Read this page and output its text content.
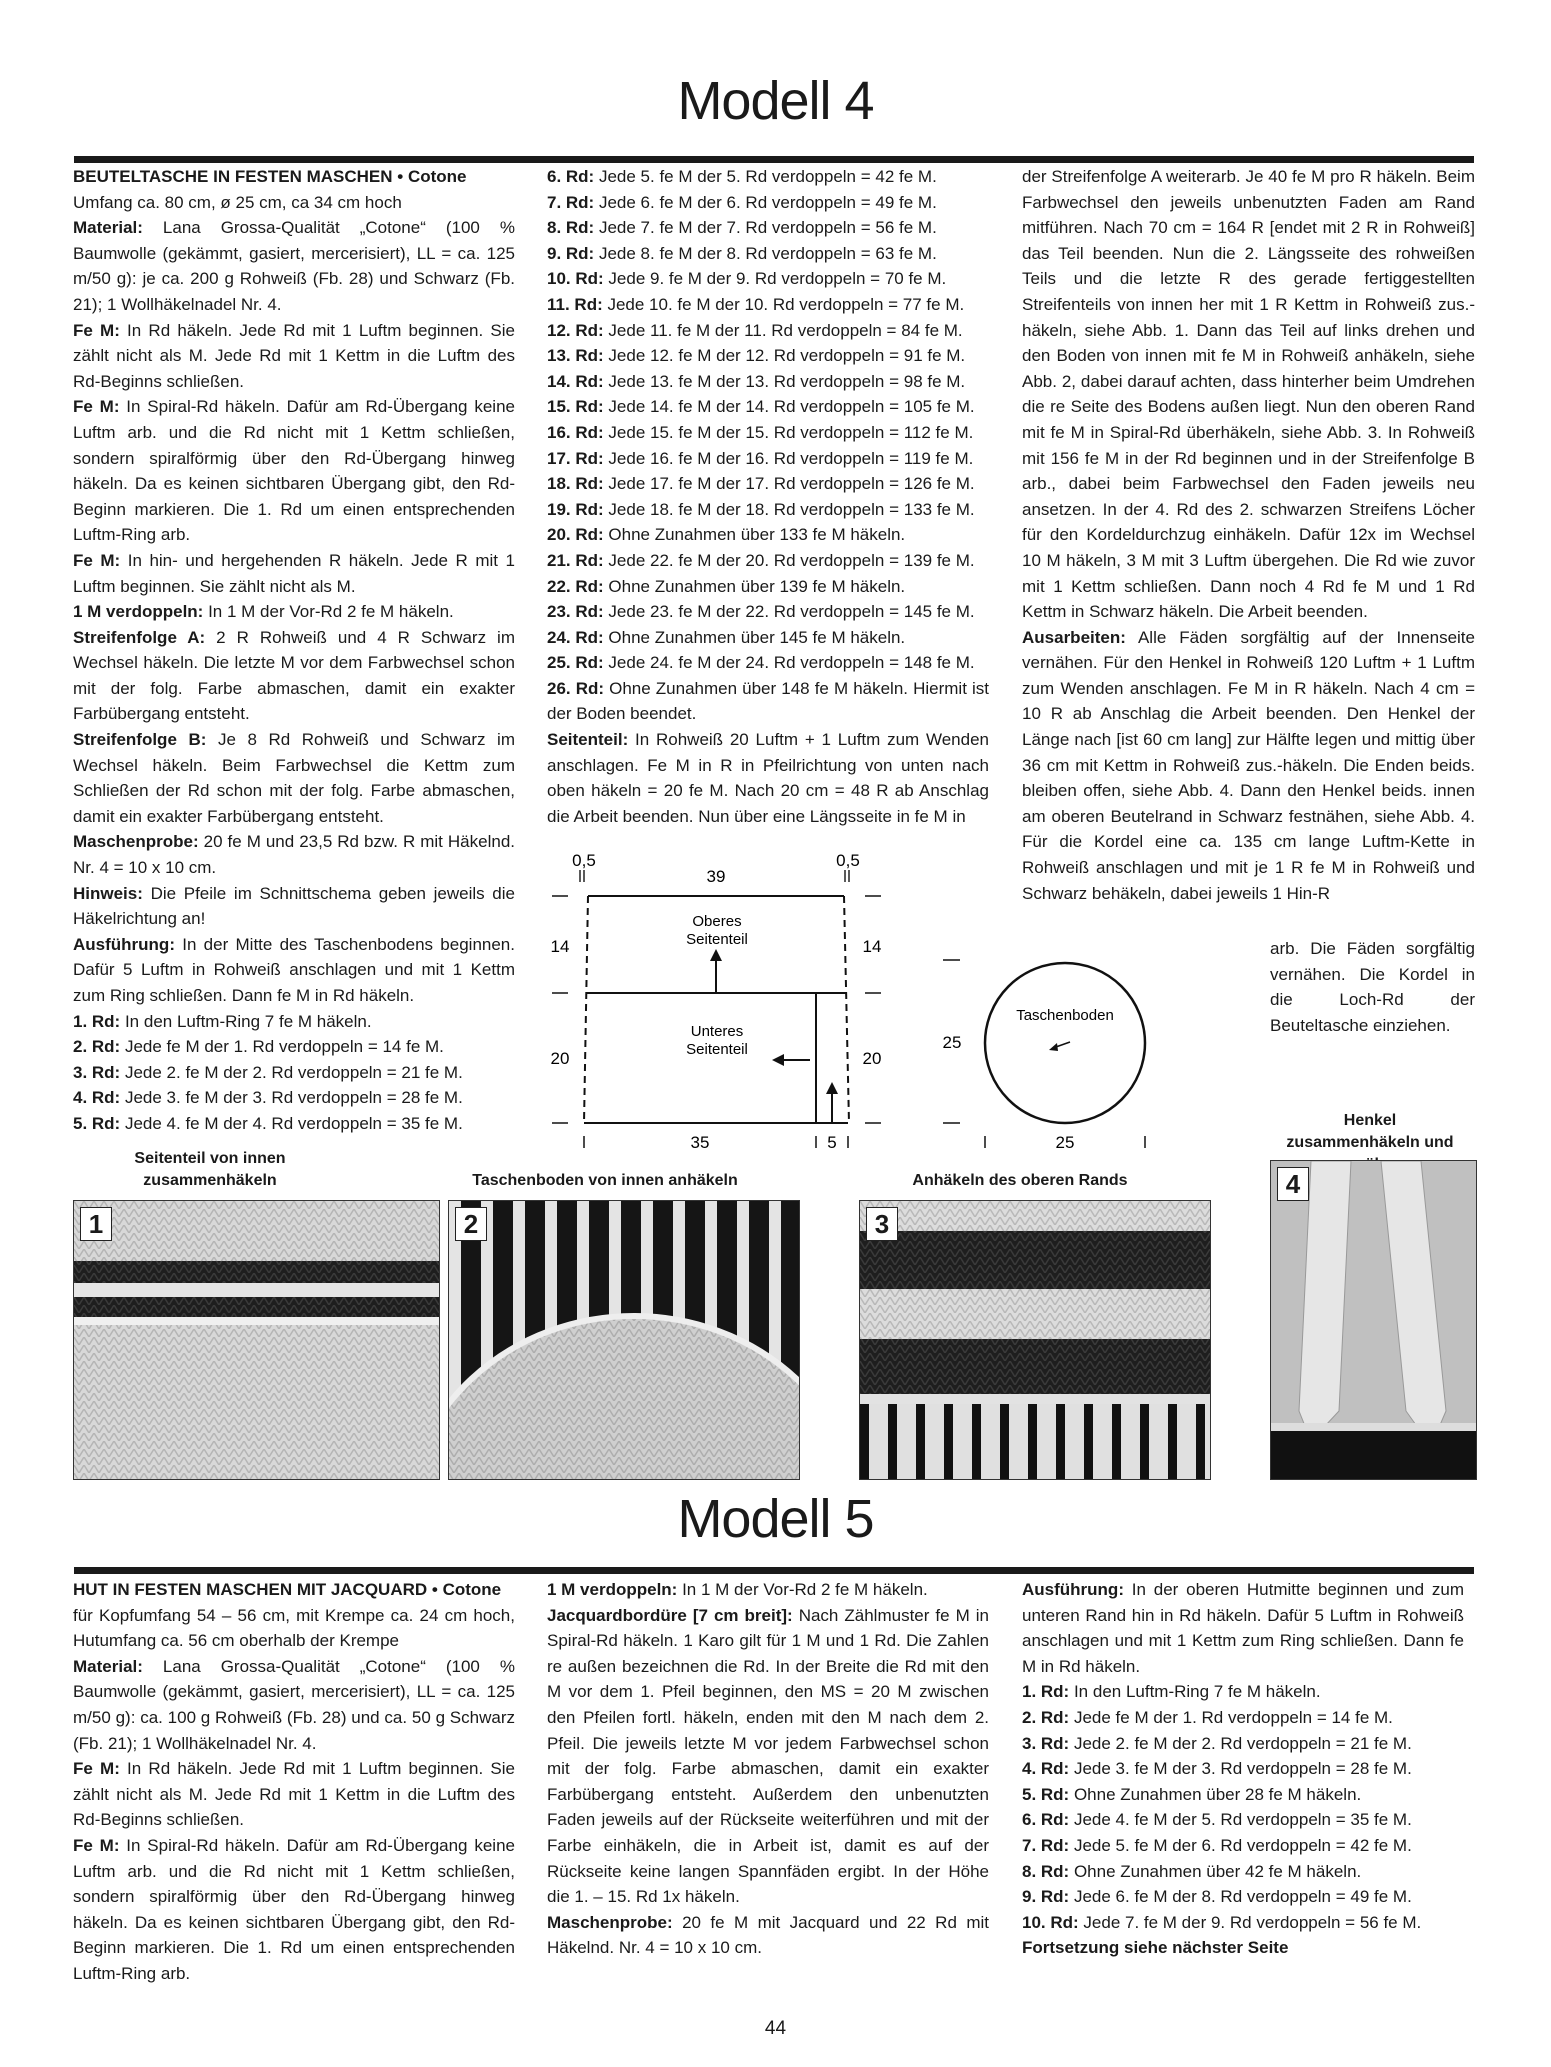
Modell 4

BEUTELTASCHE IN FESTEN MASCHEN • Cotone

Umfang ca. 80 cm, ø 25 cm, ca 34 cm hoch

Material: Lana Grossa-Qualität „Cotone“ (100 % Baumwolle (gekämmt, gasiert, mercerisiert), LL = ca. 125 m/50 g): je ca. 200 g Rohweiß (Fb. 28) und Schwarz (Fb. 21); 1 Wollhäkelnadel Nr. 4.

Fe M: In Rd häkeln. Jede Rd mit 1 Luftm beginnen. Sie zählt nicht als M. Jede Rd mit 1 Kettm in die Luftm des Rd-Beginns schließen.

Fe M: In Spiral-Rd häkeln. Dafür am Rd-Übergang keine Luftm arb. und die Rd nicht mit 1 Kettm schließen, sondern spiralförmig über den Rd-Übergang hinweg häkeln. Da es keinen sichtbaren Übergang gibt, den Rd-Beginn markieren. Die 1. Rd um einen entsprechenden Luftm-Ring arb.

Fe M: In hin- und hergehenden R häkeln. Jede R mit 1 Luftm beginnen. Sie zählt nicht als M.

1 M verdoppeln: In 1 M der Vor-Rd 2 fe M häkeln.

Streifenfolge A: 2 R Rohweiß und 4 R Schwarz im Wechsel häkeln. Die letzte M vor dem Farbwechsel schon mit der folg. Farbe abmaschen, damit ein exakter Farbübergang entsteht.

Streifenfolge B: Je 8 Rd Rohweiß und Schwarz im Wechsel häkeln. Beim Farbwechsel die Kettm zum Schließen der Rd schon mit der folg. Farbe abmaschen, damit ein exakter Farbübergang entsteht.

Maschenprobe: 20 fe M und 23,5 Rd bzw. R mit Häkelnd. Nr. 4 = 10 x 10 cm.

Hinweis: Die Pfeile im Schnittschema geben jeweils die Häkelrichtung an!

Ausführung: In der Mitte des Taschenbodens beginnen. Dafür 5 Luftm in Rohweiß anschlagen und mit 1 Kettm zum Ring schließen. Dann fe M in Rd häkeln.

1. Rd: In den Luftm-Ring 7 fe M häkeln.

2. Rd: Jede fe M der 1. Rd verdoppeln = 14 fe M.

3. Rd: Jede 2. fe M der 2. Rd verdoppeln = 21 fe M.

4. Rd: Jede 3. fe M der 3. Rd verdoppeln = 28 fe M.

5. Rd: Jede 4. fe M der 4. Rd verdoppeln = 35 fe M.

6. Rd: Jede 5. fe M der 5. Rd verdoppeln = 42 fe M.

7. Rd: Jede 6. fe M der 6. Rd verdoppeln = 49 fe M.

8. Rd: Jede 7. fe M der 7. Rd verdoppeln = 56 fe M.

9. Rd: Jede 8. fe M der 8. Rd verdoppeln = 63 fe M.

10. Rd: Jede 9. fe M der 9. Rd verdoppeln = 70 fe M.

11. Rd: Jede 10. fe M der 10. Rd verdoppeln = 77 fe M.

12. Rd: Jede 11. fe M der 11. Rd verdoppeln = 84 fe M.

13. Rd: Jede 12. fe M der 12. Rd verdoppeln = 91 fe M.

14. Rd: Jede 13. fe M der 13. Rd verdoppeln = 98 fe M.

15. Rd: Jede 14. fe M der 14. Rd verdoppeln = 105 fe M.

16. Rd: Jede 15. fe M der 15. Rd verdoppeln = 112 fe M.

17. Rd: Jede 16. fe M der 16. Rd verdoppeln = 119 fe M.

18. Rd: Jede 17. fe M der 17. Rd verdoppeln = 126 fe M.

19. Rd: Jede 18. fe M der 18. Rd verdoppeln = 133 fe M.

20. Rd: Ohne Zunahmen über 133 fe M häkeln.

21. Rd: Jede 22. fe M der 20. Rd verdoppeln = 139 fe M.

22. Rd: Ohne Zunahmen über 139 fe M häkeln.

23. Rd: Jede 23. fe M der 22. Rd verdoppeln = 145 fe M.

24. Rd: Ohne Zunahmen über 145 fe M häkeln.

25. Rd: Jede 24. fe M der 24. Rd verdoppeln = 148 fe M.

26. Rd: Ohne Zunahmen über 148 fe M häkeln. Hiermit ist der Boden beendet.

Seitenteil: In Rohweiß 20 Luftm + 1 Luftm zum Wenden anschlagen. Fe M in R in Pfeilrichtung von unten nach oben häkeln = 20 fe M. Nach 20 cm = 48 R ab Anschlag die Arbeit beenden. Nun über eine Längsseite in fe M in

der Streifenfolge A weiterarb. Je 40 fe M pro R häkeln. Beim Farbwechsel den jeweils unbenutzten Faden am Rand mitführen. Nach 70 cm = 164 R [endet mit 2 R in Rohweiß] das Teil beenden. Nun die 2. Längsseite des rohweißen Teils und die letzte R des gerade fertiggestellten Streifenteils von innen her mit 1 R Kettm in Rohweiß zus.-häkeln, siehe Abb. 1. Dann das Teil auf links drehen und den Boden von innen mit fe M in Rohweiß anhäkeln, siehe Abb. 2, dabei darauf achten, dass hinterher beim Umdrehen die re Seite des Bodens außen liegt. Nun den oberen Rand mit fe M in Spiral-Rd überhäkeln, siehe Abb. 3. In Rohweiß mit 156 fe M in der Rd beginnen und in der Streifenfolge B arb., dabei beim Farbwechsel den Faden jeweils neu ansetzen. In der 4. Rd des 2. schwarzen Streifens Löcher für den Kordeldurchzug einhäkeln. Dafür 12x im Wechsel 10 M häkeln, 3 M mit 3 Luftm übergehen. Die Rd wie zuvor mit 1 Kettm schließen. Dann noch 4 Rd fe M und 1 Rd Kettm in Schwarz häkeln. Die Arbeit beenden.

Ausarbeiten: Alle Fäden sorgfältig auf der Innenseite vernähen. Für den Henkel in Rohweiß 120 Luftm + 1 Luftm zum Wenden anschlagen. Fe M in R häkeln. Nach 4 cm = 10 R ab Anschlag die Arbeit beenden. Den Henkel der Länge nach [ist 60 cm lang] zur Hälfte legen und mittig über 36 cm mit Kettm in Rohweiß zus.-häkeln. Die Enden beids. bleiben offen, siehe Abb. 4. Dann den Henkel beids. innen am oberen Beutelrand in Schwarz festnähen, siehe Abb. 4. Für die Kordel eine ca. 135 cm lange Luftm-Kette in Rohweiß anschlagen und mit je 1 R fe M in Rohweiß und Schwarz behäkeln, dabei jeweils 1 Hin-R

arb. Die Fäden sorgfältig vernähen. Die Kordel in die Loch-Rd der Beuteltasche einziehen.

0,5	0,5
39
14	14
20	20
Oberes
Seitenteil
Unteres
Seitenteil
35	5
Taschenboden
25
25
Seitenteil von innen zusammenhäkeln	Taschenboden von innen anhäkeln	Anhäkeln des oberen Rands
Henkel zusammenhäkeln und
1	2	3
4
Modell 5

HUT IN FESTEN MASCHEN MIT JACQUARD • Cotone

für Kopfumfang 54 – 56 cm, mit Krempe ca. 24 cm hoch, Hutumfang ca. 56 cm oberhalb der Krempe

Material: Lana Grossa-Qualität „Cotone“ (100 % Baumwolle (gekämmt, gasiert, mercerisiert), LL = ca. 125 m/50 g): ca. 100 g Rohweiß (Fb. 28) und ca. 50 g Schwarz (Fb. 21); 1 Wollhäkelnadel Nr. 4.

Fe M: In Rd häkeln. Jede Rd mit 1 Luftm beginnen. Sie zählt nicht als M. Jede Rd mit 1 Kettm in die Luftm des Rd-Beginns schließen.

Fe M: In Spiral-Rd häkeln. Dafür am Rd-Übergang keine Luftm arb. und die Rd nicht mit 1 Kettm schließen, sondern spiralförmig über den Rd-Übergang hinweg häkeln. Da es keinen sichtbaren Übergang gibt, den Rd-Beginn markieren. Die 1. Rd um einen entsprechenden Luftm-Ring arb.

1 M verdoppeln: In 1 M der Vor-Rd 2 fe M häkeln.

Jacquardbordüre [7 cm breit]: Nach Zählmuster fe M in Spiral-Rd häkeln. 1 Karo gilt für 1 M und 1 Rd. Die Zahlen re außen bezeichnen die Rd. In der Breite die Rd mit den M vor dem 1. Pfeil beginnen, den MS = 20 M zwischen den Pfeilen fortl. häkeln, enden mit den M nach dem 2. Pfeil. Die jeweils letzte M vor jedem Farbwechsel schon mit der folg. Farbe abmaschen, damit ein exakter Farbübergang entsteht. Außerdem den unbenutzten Faden jeweils auf der Rückseite weiterführen und mit der Farbe einhäkeln, die in Arbeit ist, damit es auf der Rückseite keine langen Spannfäden ergibt. In der Höhe die 1. – 15. Rd 1x häkeln.

Maschenprobe: 20 fe M mit Jacquard und 22 Rd mit Häkelnd. Nr. 4 = 10 x 10 cm.

Ausführung: In der oberen Hutmitte beginnen und zum unteren Rand hin in Rd häkeln. Dafür 5 Luftm in Rohweiß anschlagen und mit 1 Kettm zum Ring schließen. Dann fe M in Rd häkeln.

1. Rd: In den Luftm-Ring 7 fe M häkeln.

2. Rd: Jede fe M der 1. Rd verdoppeln = 14 fe M.

3. Rd: Jede 2. fe M der 2. Rd verdoppeln = 21 fe M.

4. Rd: Jede 3. fe M der 3. Rd verdoppeln = 28 fe M.

5. Rd: Ohne Zunahmen über 28 fe M häkeln.

6. Rd: Jede 4. fe M der 5. Rd verdoppeln = 35 fe M.

7. Rd: Jede 5. fe M der 6. Rd verdoppeln = 42 fe M.

8. Rd: Ohne Zunahmen über 42 fe M häkeln.

9. Rd: Jede 6. fe M der 8. Rd verdoppeln = 49 fe M.

10. Rd: Jede 7. fe M der 9. Rd verdoppeln = 56 fe M.

Fortsetzung siehe nächster Seite

44
